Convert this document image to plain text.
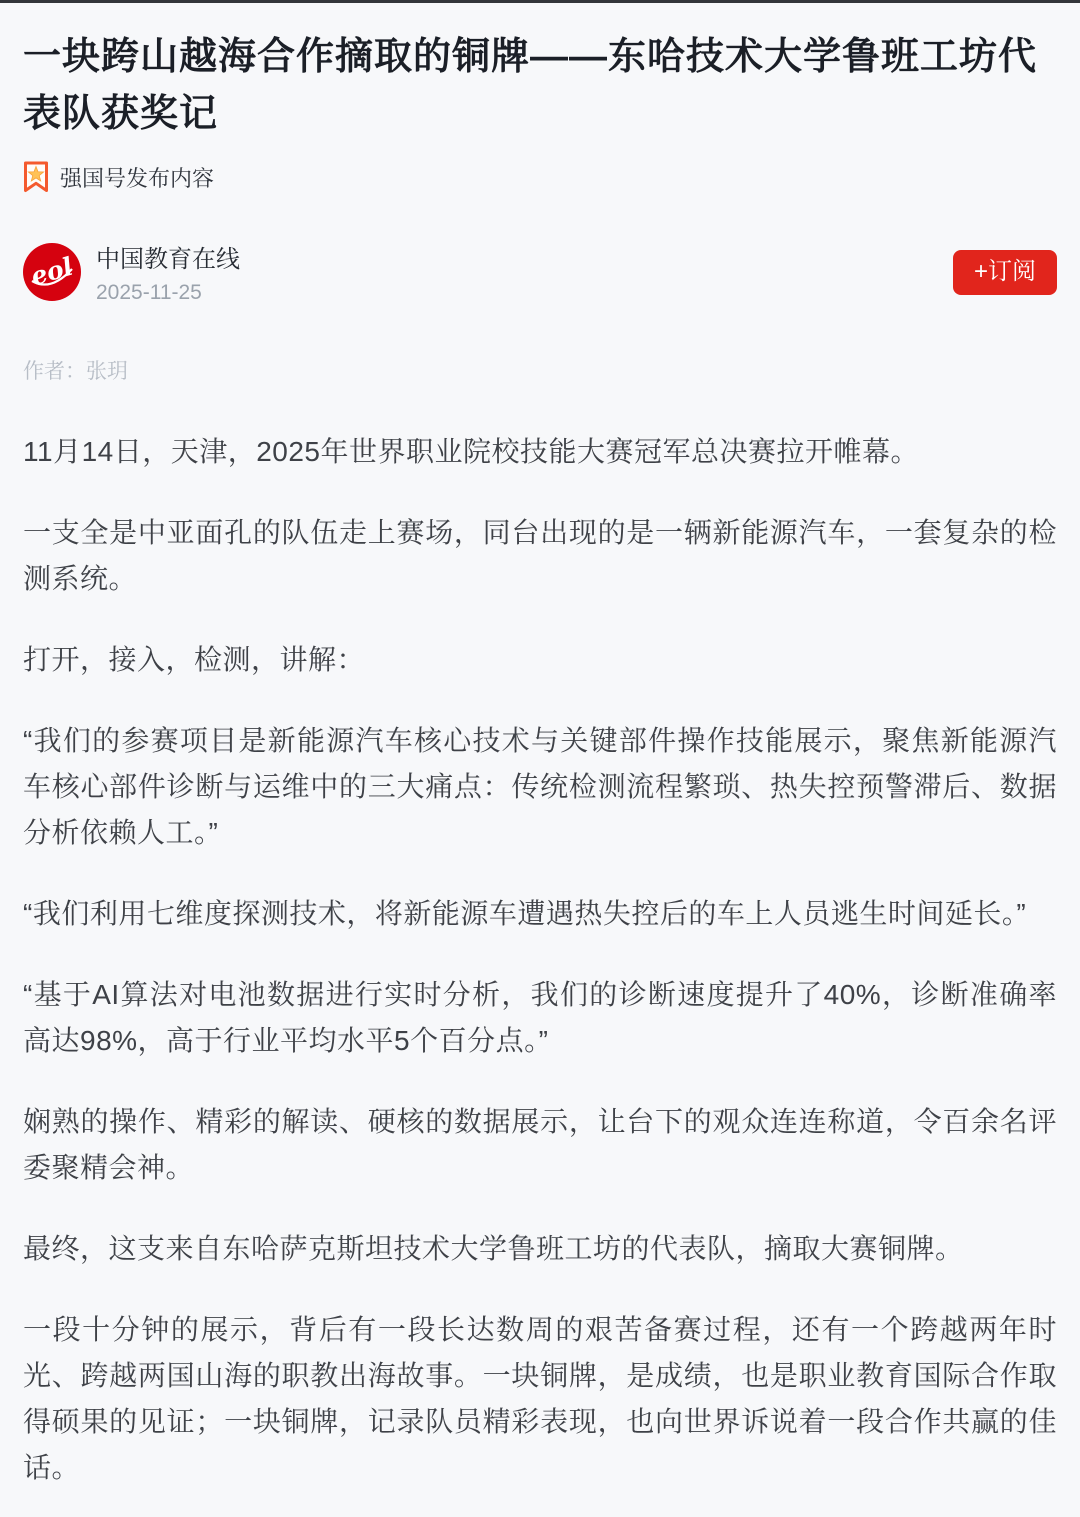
一块跨山越海合作摘取的铜牌——东哈技术大学鲁班工坊代表队获奖记
强国号发布内容
eol 中国教育在线
2025-11-25
+订阅
作者：张玥

11月14日，天津，2025年世界职业院校技能大赛冠军总决赛拉开帷幕。

一支全是中亚面孔的队伍走上赛场，同台出现的是一辆新能源汽车，一套复杂的检测系统。

打开，接入，检测，讲解：

“我们的参赛项目是新能源汽车核心技术与关键部件操作技能展示，聚焦新能源汽车核心部件诊断与运维中的三大痛点：传统检测流程繁琐、热失控预警滞后、数据分析依赖人工。”

“我们利用七维度探测技术，将新能源车遭遇热失控后的车上人员逃生时间延长。”

“基于AI算法对电池数据进行实时分析，我们的诊断速度提升了40%，诊断准确率高达98%，高于行业平均水平5个百分点。”

娴熟的操作、精彩的解读、硬核的数据展示，让台下的观众连连称道，令百余名评委聚精会神。

最终，这支来自东哈萨克斯坦技术大学鲁班工坊的代表队，摘取大赛铜牌。

一段十分钟的展示，背后有一段长达数周的艰苦备赛过程，还有一个跨越两年时光、跨越两国山海的职教出海故事。一块铜牌，是成绩，也是职业教育国际合作取得硕果的见证；一块铜牌，记录队员精彩表现，也向世界诉说着一段合作共赢的佳话。
